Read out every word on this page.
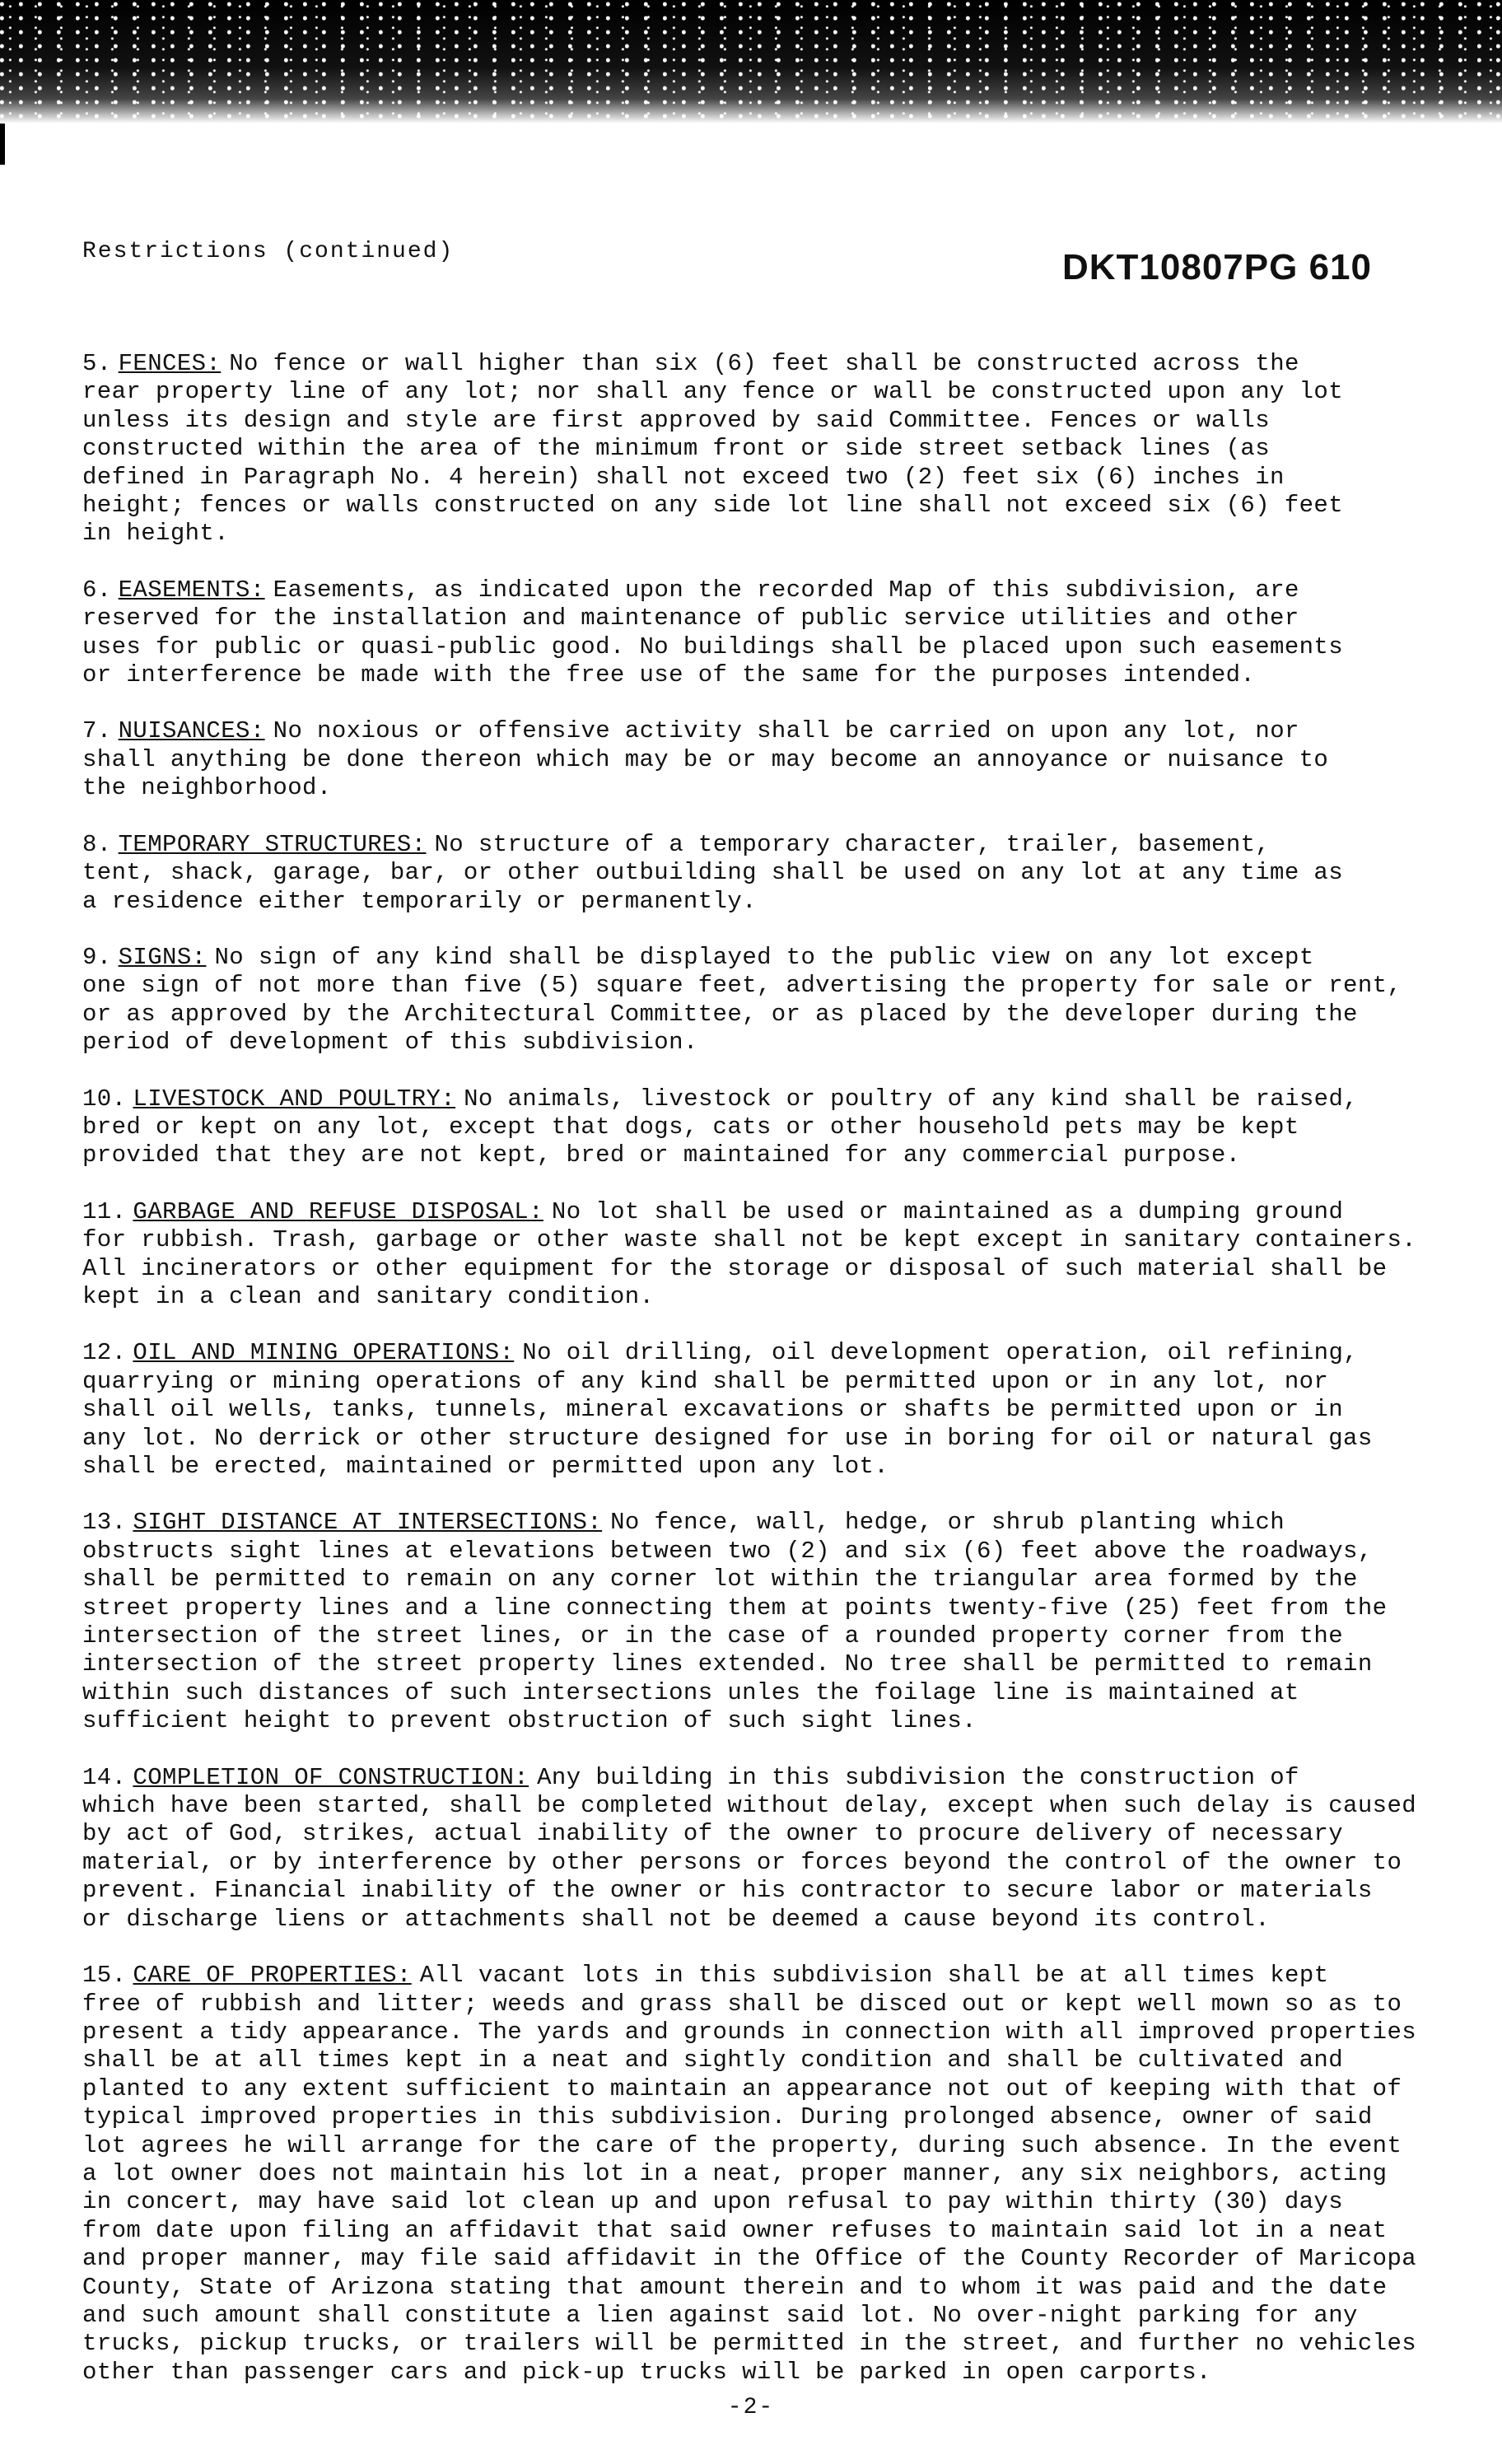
Restrictions (continued)	DKT10807PG 610
5. FENCES: No fence or wall higher than six (6) feet shall be constructed across the
rear property line of any lot; nor shall any fence or wall be constructed upon any lot
unless its design and style are first approved by said Committee. Fences or walls
constructed within the area of the minimum front or side street setback lines (as
defined in Paragraph No. 4 herein) shall not exceed two (2) feet six (6) inches in
height; fences or walls constructed on any side lot line shall not exceed six (6) feet
in height.
6. EASEMENTS: Easements, as indicated upon the recorded Map of this subdivision, are
reserved for the installation and maintenance of public service utilities and other
uses for public or quasi-public good. No buildings shall be placed upon such easements
or interference be made with the free use of the same for the purposes intended.
7. NUISANCES: No noxious or offensive activity shall be carried on upon any lot, nor
shall anything be done thereon which may be or may become an annoyance or nuisance to
the neighborhood.
8. TEMPORARY STRUCTURES: No structure of a temporary character, trailer, basement,
tent, shack, garage, bar, or other outbuilding shall be used on any lot at any time as
a residence either temporarily or permanently.
9. SIGNS: No sign of any kind shall be displayed to the public view on any lot except
one sign of not more than five (5) square feet, advertising the property for sale or rent,
or as approved by the Architectural Committee, or as placed by the developer during the
period of development of this subdivision.
10. LIVESTOCK AND POULTRY: No animals, livestock or poultry of any kind shall be raised,
bred or kept on any lot, except that dogs, cats or other household pets may be kept
provided that they are not kept, bred or maintained for any commercial purpose.
11. GARBAGE AND REFUSE DISPOSAL: No lot shall be used or maintained as a dumping ground
for rubbish. Trash, garbage or other waste shall not be kept except in sanitary containers.
All incinerators or other equipment for the storage or disposal of such material shall be
kept in a clean and sanitary condition.
12. OIL AND MINING OPERATIONS: No oil drilling, oil development operation, oil refining,
quarrying or mining operations of any kind shall be permitted upon or in any lot, nor
shall oil wells, tanks, tunnels, mineral excavations or shafts be permitted upon or in
any lot. No derrick or other structure designed for use in boring for oil or natural gas
shall be erected, maintained or permitted upon any lot.
13. SIGHT DISTANCE AT INTERSECTIONS: No fence, wall, hedge, or shrub planting which
obstructs sight lines at elevations between two (2) and six (6) feet above the roadways,
shall be permitted to remain on any corner lot within the triangular area formed by the
street property lines and a line connecting them at points twenty-five (25) feet from the
intersection of the street lines, or in the case of a rounded property corner from the
intersection of the street property lines extended. No tree shall be permitted to remain
within such distances of such intersections unles the foilage line is maintained at
sufficient height to prevent obstruction of such sight lines.
14. COMPLETION OF CONSTRUCTION: Any building in this subdivision the construction of
which have been started, shall be completed without delay, except when such delay is caused
by act of God, strikes, actual inability of the owner to procure delivery of necessary
material, or by interference by other persons or forces beyond the control of the owner to
prevent. Financial inability of the owner or his contractor to secure labor or materials
or discharge liens or attachments shall not be deemed a cause beyond its control.
15. CARE OF PROPERTIES: All vacant lots in this subdivision shall be at all times kept
free of rubbish and litter; weeds and grass shall be disced out or kept well mown so as to
present a tidy appearance. The yards and grounds in connection with all improved properties
shall be at all times kept in a neat and sightly condition and shall be cultivated and
planted to any extent sufficient to maintain an appearance not out of keeping with that of
typical improved properties in this subdivision. During prolonged absence, owner of said
lot agrees he will arrange for the care of the property, during such absence. In the event
a lot owner does not maintain his lot in a neat, proper manner, any six neighbors, acting
in concert, may have said lot clean up and upon refusal to pay within thirty (30) days
from date upon filing an affidavit that said owner refuses to maintain said lot in a neat
and proper manner, may file said affidavit in the Office of the County Recorder of Maricopa
County, State of Arizona stating that amount therein and to whom it was paid and the date
and such amount shall constitute a lien against said lot. No over-night parking for any
trucks, pickup trucks, or trailers will be permitted in the street, and further no vehicles
other than passenger cars and pick-up trucks will be parked in open carports.
-2-
